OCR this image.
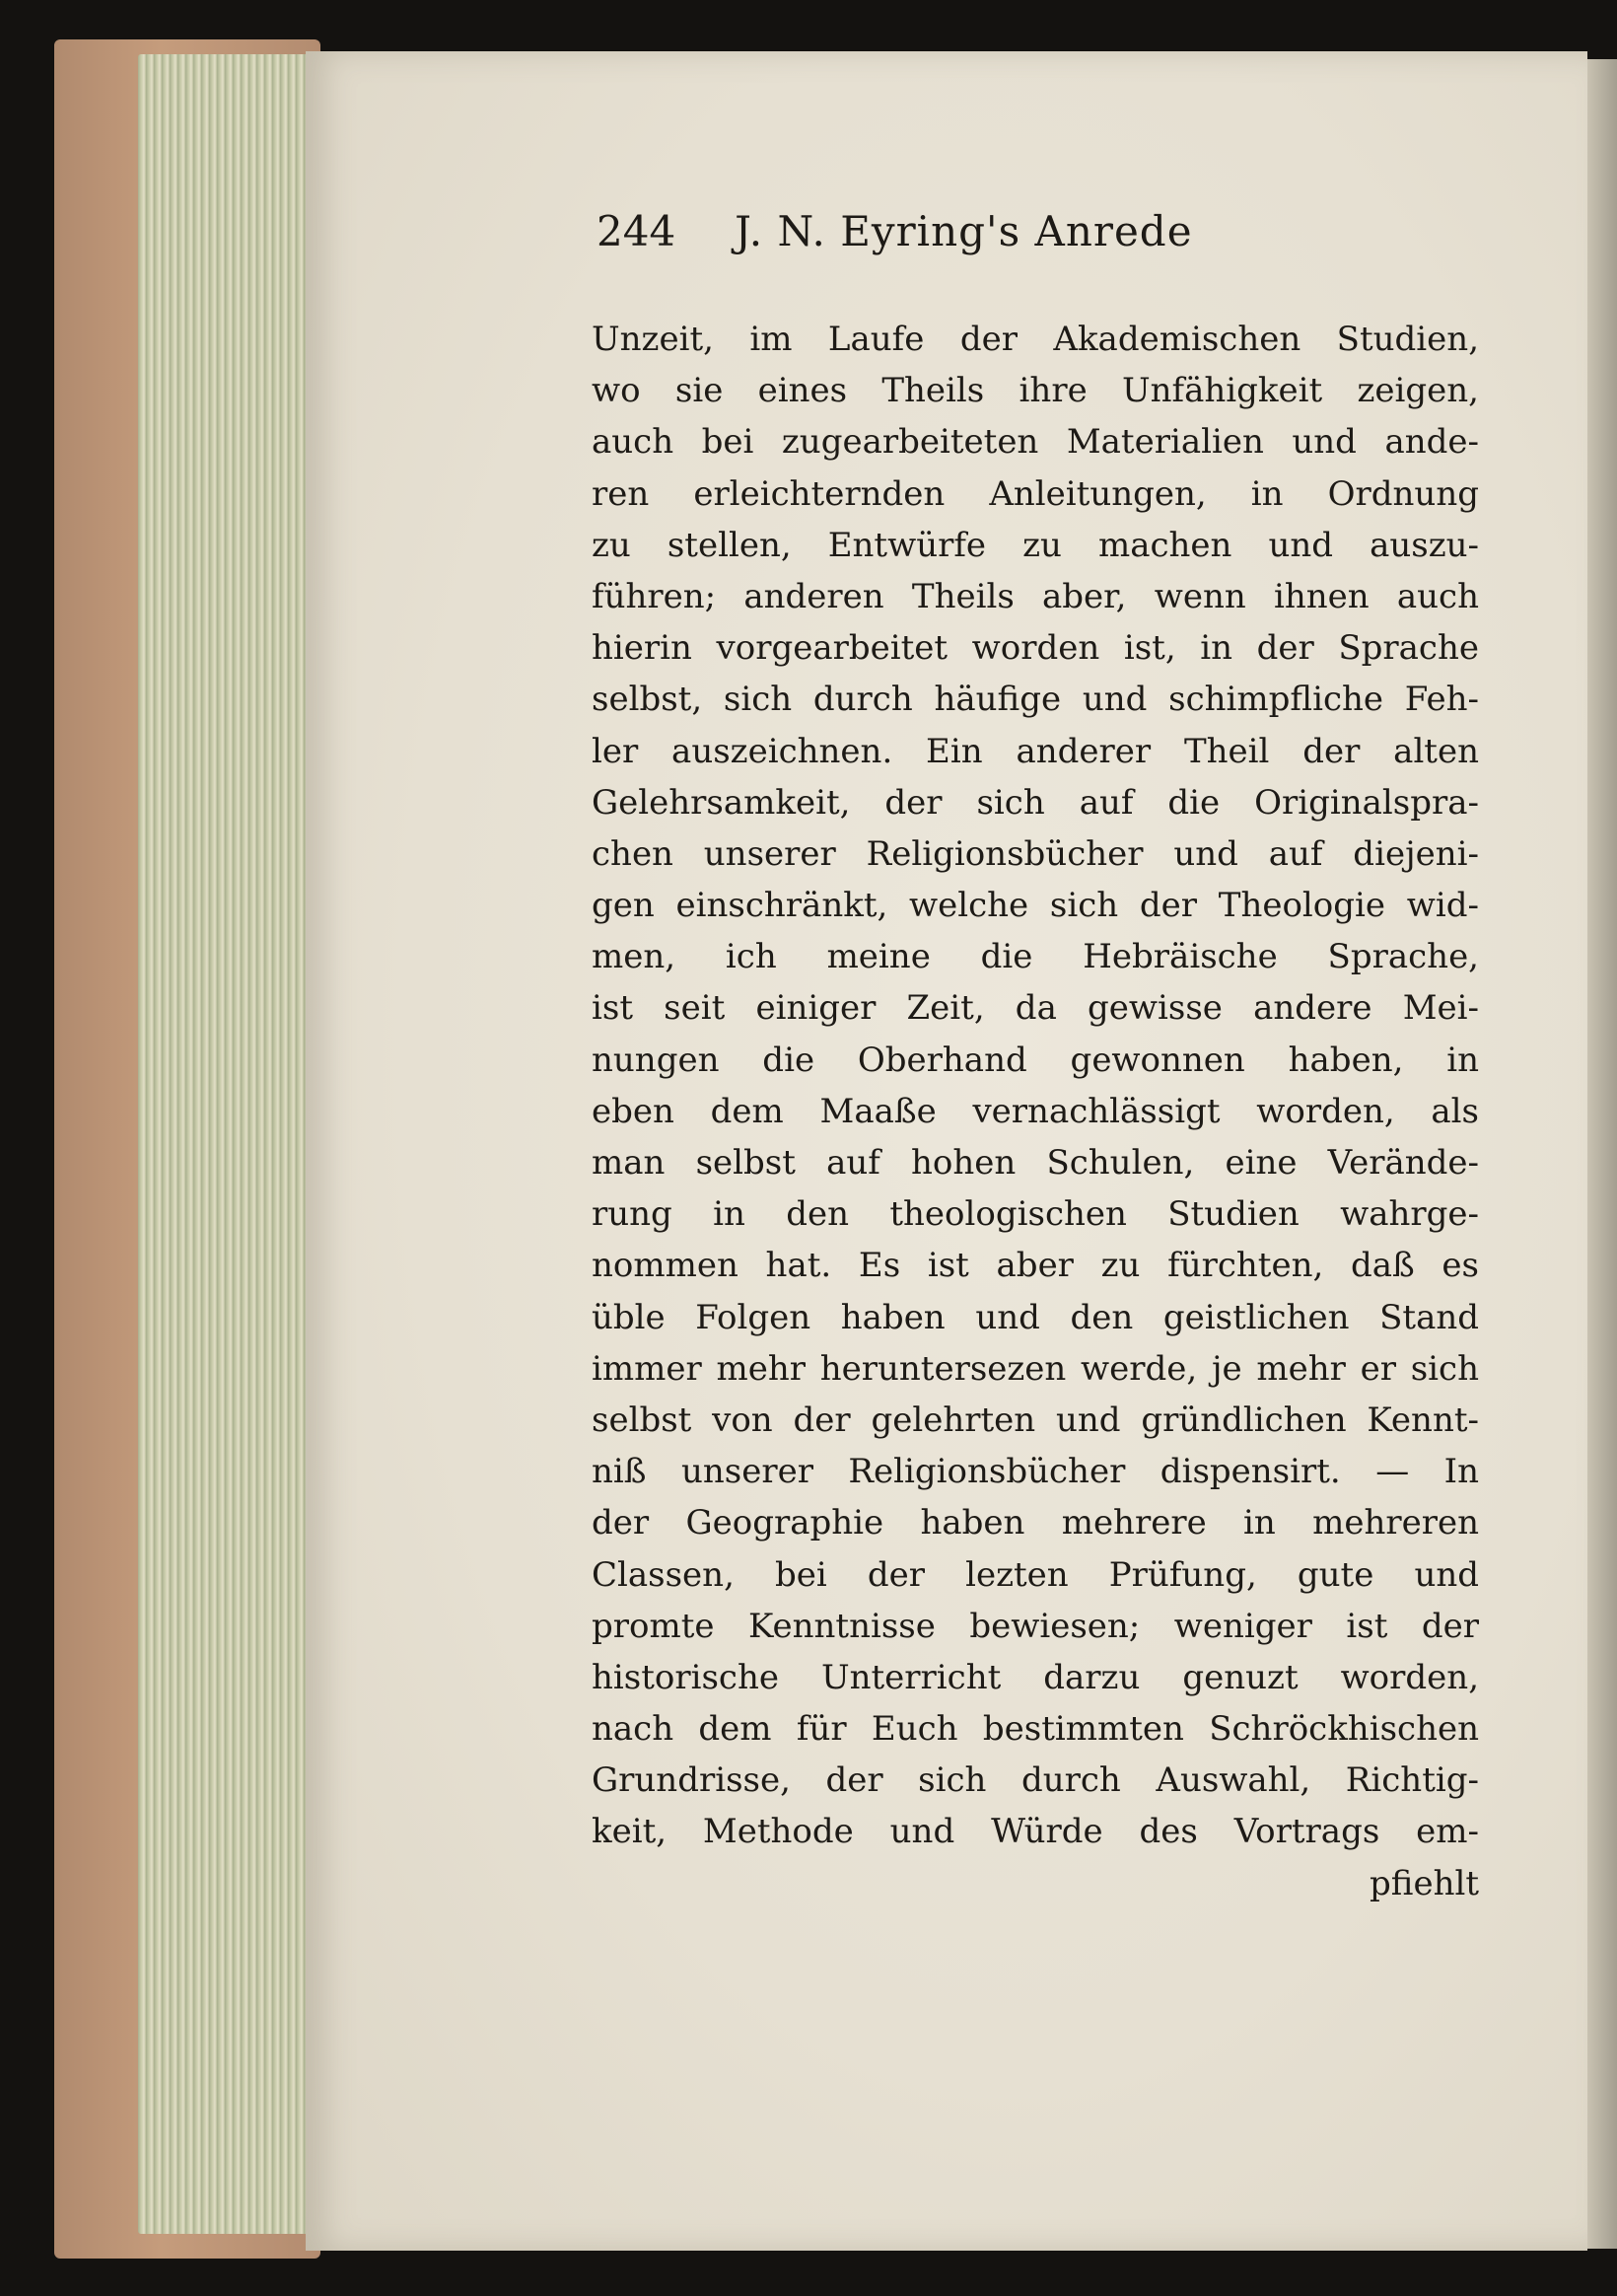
244 J. N. Eyring's Anrede
Unzeit, im Laufe der Akademischen Studien,
wo sie eines Theils ihre Unfähigkeit zeigen,
auch bei zugearbeiteten Materialien und ande-
ren erleichternden Anleitungen, in Ordnung
zu stellen, Entwürfe zu machen und auszu-
führen; anderen Theils aber, wenn ihnen auch
hierin vorgearbeitet worden ist, in der Sprache
selbst, sich durch häufige und schimpfliche Feh-
ler auszeichnen. Ein anderer Theil der alten
Gelehrsamkeit, der sich auf die Originalspra-
chen unserer Religionsbücher und auf diejeni-
gen einschränkt, welche sich der Theologie wid-
men, ich meine die Hebräische Sprache,
ist seit einiger Zeit, da gewisse andere Mei-
nungen die Oberhand gewonnen haben, in
eben dem Maaße vernachlässigt worden, als
man selbst auf hohen Schulen, eine Verände-
rung in den theologischen Studien wahrge-
nommen hat. Es ist aber zu fürchten, daß es
üble Folgen haben und den geistlichen Stand
immer mehr heruntersezen werde, je mehr er sich
selbst von der gelehrten und gründlichen Kennt-
niß unserer Religionsbücher dispensirt. — In
der Geographie haben mehrere in mehreren
Classen, bei der lezten Prüfung, gute und
promte Kenntnisse bewiesen; weniger ist der
historische Unterricht darzu genuzt worden,
nach dem für Euch bestimmten Schröckhischen
Grundrisse, der sich durch Auswahl, Richtig-
keit, Methode und Würde des Vortrags em-
pfiehlt
